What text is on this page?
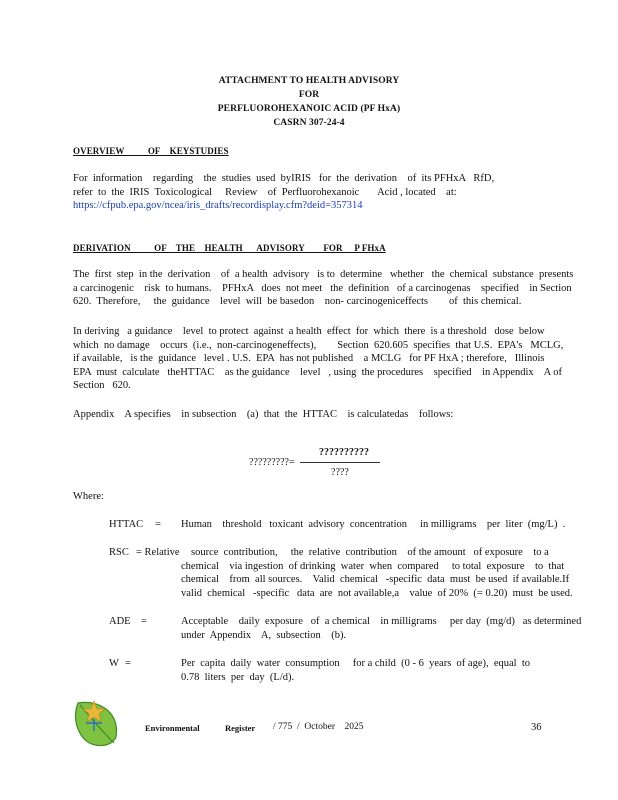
ATTACHMENT TO HEALTH ADVISORY
FOR
PERFLUOROHEXANOIC ACID (PF HxA)
CASRN 307-24-4
OVERVIEW          OF    KEYSTUDIES
For  information    regarding    the  studies  used  byIRIS   for  the  derivation    of  its PFHxA   RfD,
refer  to  the  IRIS  Toxicological     Review    of  Perfluorohexanoic       Acid , located    at:
https://cfpub.epa.gov/ncea/iris_drafts/recordisplay.cfm?deid=357314
DERIVATION          OF    THE    HEALTH      ADVISORY        FOR     P FHxA
The  first  step  in the  derivation    of  a health  advisory   is to  determine   whether   the  chemical  substance  presents
a carcinogenic    risk  to humans.    PFHxA   does  not meet   the  definition   of a carcinogenas    specified    in Section
620.  Therefore,     the  guidance    level  will  be basedon    non- carcinogeniceffects        of  this chemical.
In deriving   a guidance    level  to protect  against  a health  effect  for  which  there  is a threshold   dose  below
which  no damage    occurs  (i.e.,  non-carcinogeneffects),        Section  620.605  specifies  that U.S.  EPA's   MCLG,
if available,   is the  guidance   level . U.S.  EPA  has not published    a MCLG   for PF HxA ; therefore,   Illinois
EPA  must  calculate   theHTTAC    as the guidance    level   , using  the procedures    specified    in Appendix    A of
Section   620.
Appendix    A specifies    in subsection    (a)  that  the  HTTAC    is calculatedas    follows:
??????????
?????????=
????
Where:
HTTAC = Human    threshold   toxicant  advisory  concentration     in milligrams    per  liter  (mg/L)  .
RSC = Relative source  contribution,     the  relative  contribution    of the amount   of exposure    to a
chemical    via ingestion  of drinking  water  when  compared     to total  exposure    to  that
chemical    from  all sources.    Valid  chemical   -specific  data  must  be used  if available.If
valid  chemical   -specific   data  are  not available,a    value  of 20%  (= 0.20)  must  be used.
ADE =	Acceptable    daily  exposure   of  a chemical    in milligrams     per day  (mg/d)   as determined
under  Appendix    A,  subsection    (b).
W =	Per  capita  daily  water  consumption     for a child  (0 - 6  years  of age),  equal  to
0.78  liters  per  day  (L/d).
Environmental	Register / 775  /  October    2025	36
